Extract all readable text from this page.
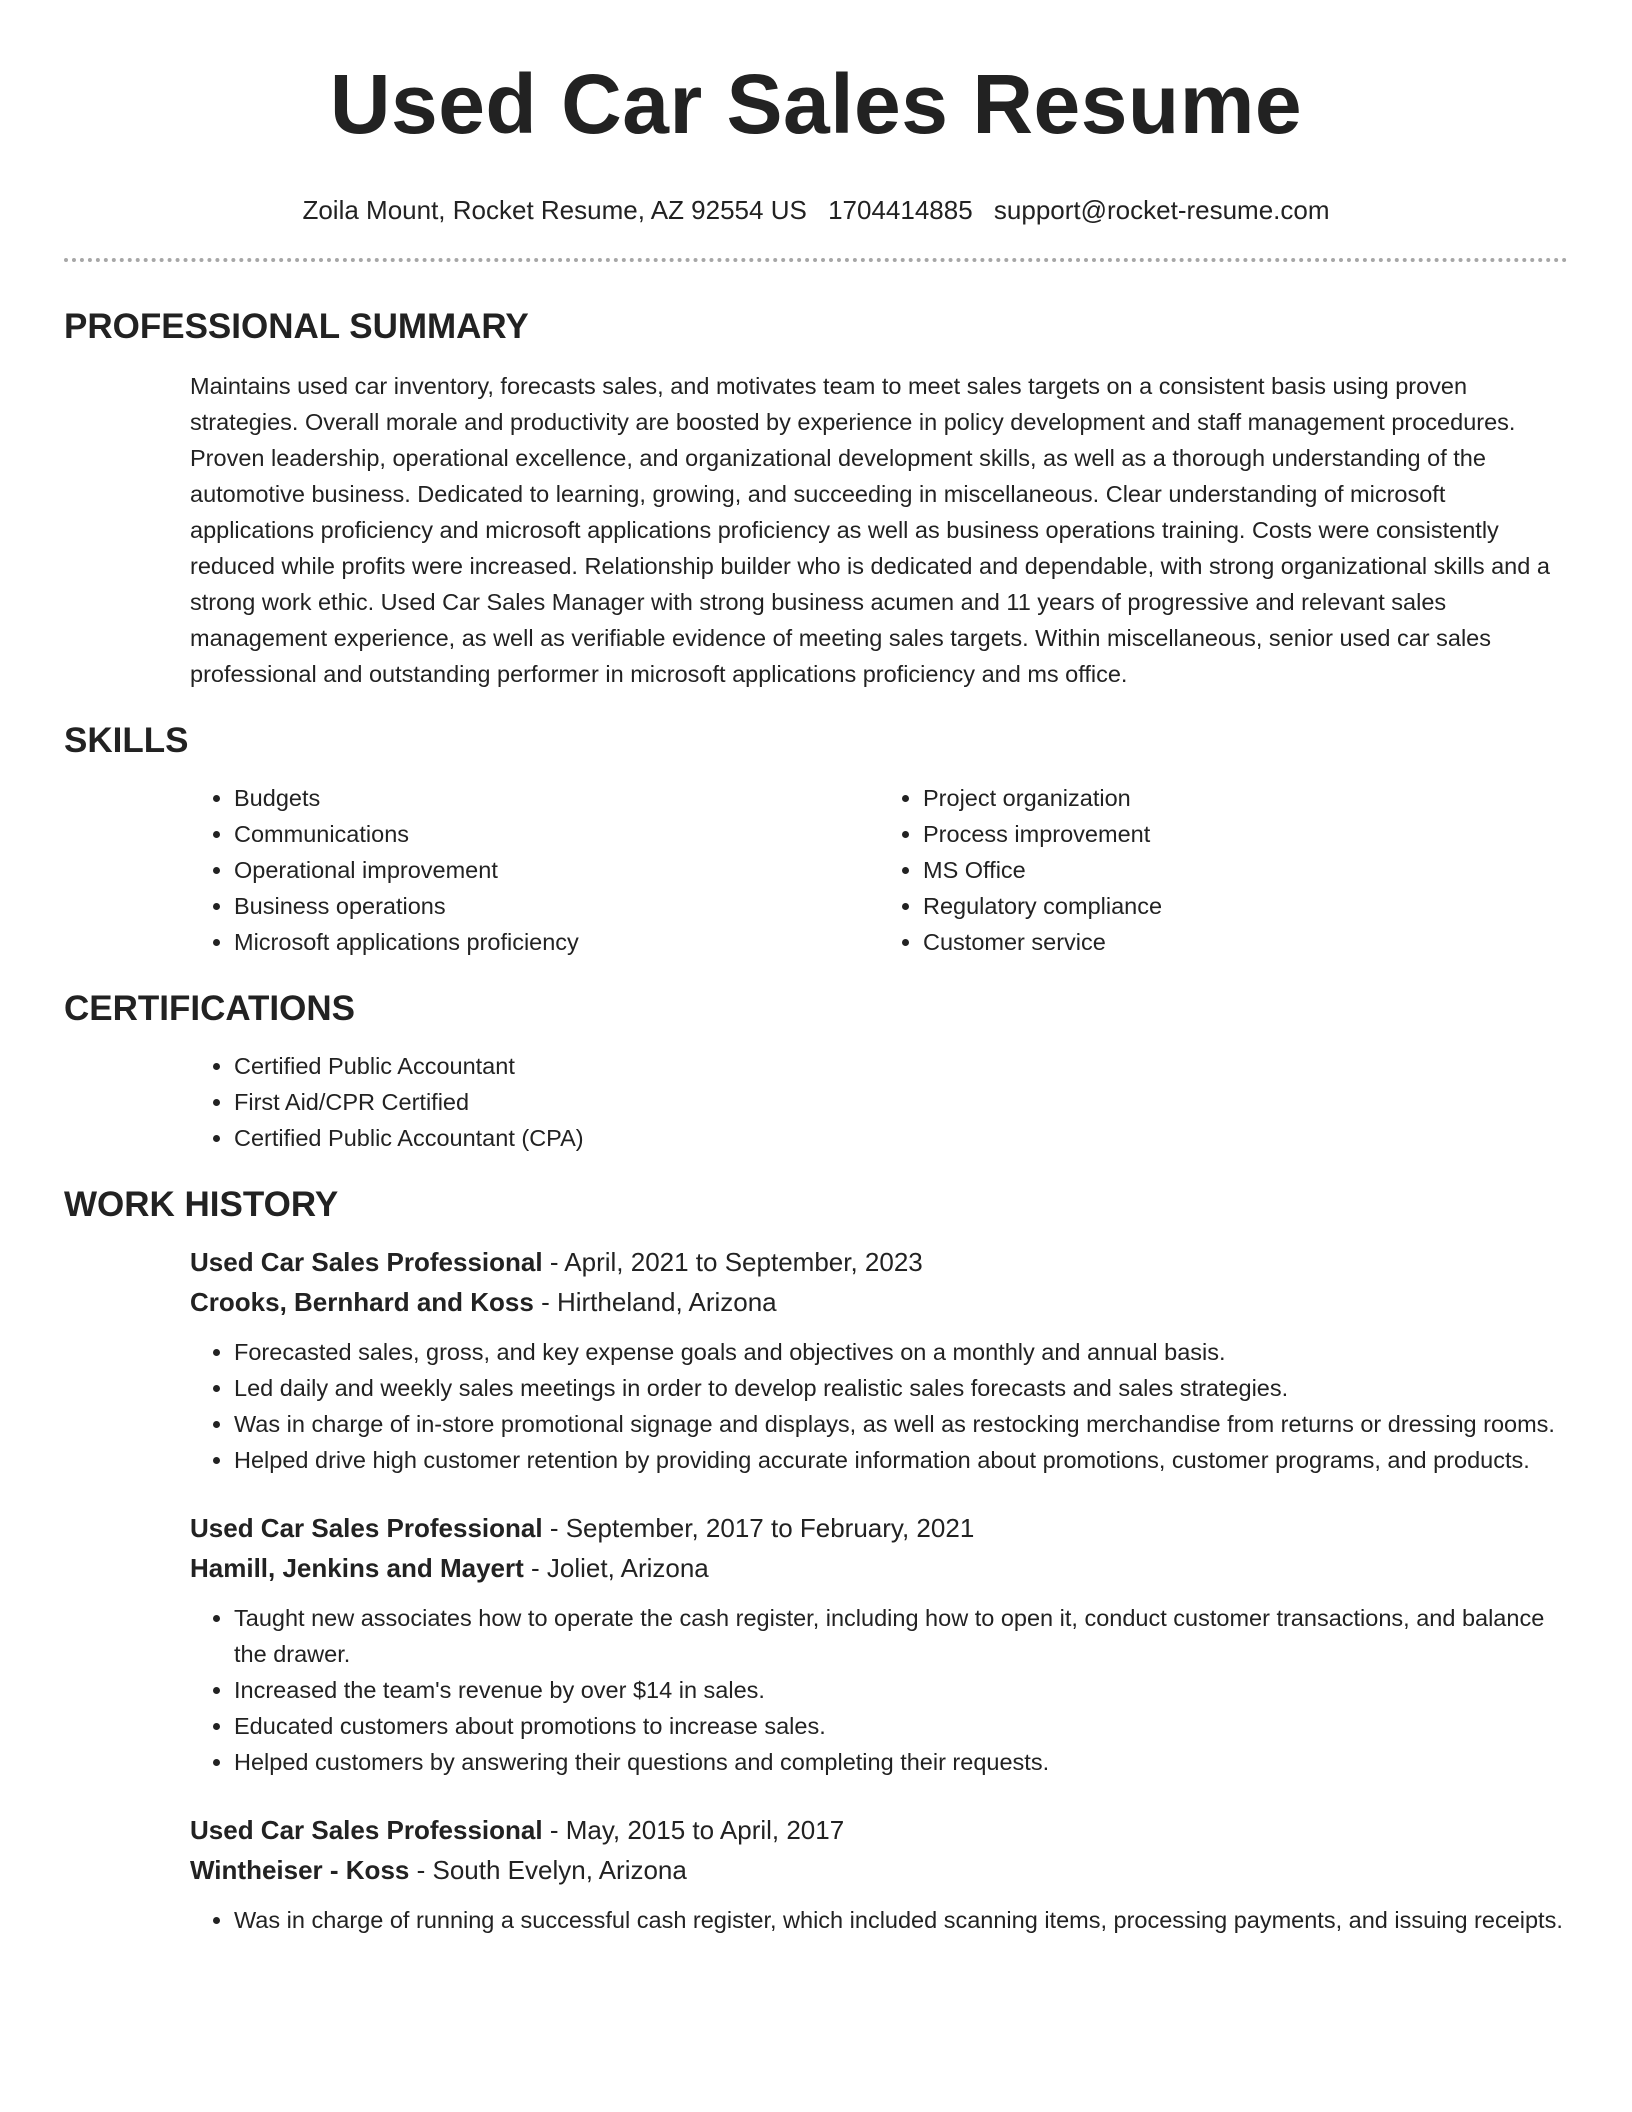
Used Car Sales Resume
Zoila Mount, Rocket Resume, AZ 92554 US 1704414885 support@rocket-resume.com
PROFESSIONAL SUMMARY

Maintains used car inventory, forecasts sales, and motivates team to meet sales targets on a consistent basis using proven strategies. Overall morale and productivity are boosted by experience in policy development and staff management procedures. Proven leadership, operational excellence, and organizational development skills, as well as a thorough understanding of the automotive business. Dedicated to learning, growing, and succeeding in miscellaneous. Clear understanding of microsoft applications proficiency and microsoft applications proficiency as well as business operations training. Costs were consistently reduced while profits were increased. Relationship builder who is dedicated and dependable, with strong organizational skills and a strong work ethic. Used Car Sales Manager with strong business acumen and 11 years of progressive and relevant sales management experience, as well as verifiable evidence of meeting sales targets. Within miscellaneous, senior used car sales professional and outstanding performer in microsoft applications proficiency and ms office.

SKILLS
• Budgets
• Communications
• Operational improvement
• Business operations
• Microsoft applications proficiency
• Project organization
• Process improvement
• MS Office
• Regulatory compliance
• Customer service
CERTIFICATIONS
• Certified Public Accountant
• First Aid/CPR Certified
• Certified Public Accountant (CPA)
WORK HISTORY
Used Car Sales Professional - April, 2021 to September, 2023
Crooks, Bernhard and Koss - Hirtheland, Arizona
• Forecasted sales, gross, and key expense goals and objectives on a monthly and annual basis.
• Led daily and weekly sales meetings in order to develop realistic sales forecasts and sales strategies.
• Was in charge of in-store promotional signage and displays, as well as restocking merchandise from returns or dressing rooms.
• Helped drive high customer retention by providing accurate information about promotions, customer programs, and products.
Used Car Sales Professional - September, 2017 to February, 2021
Hamill, Jenkins and Mayert - Joliet, Arizona
• Taught new associates how to operate the cash register, including how to open it, conduct customer transactions, and balance the drawer.
• Increased the team's revenue by over $14 in sales.
• Educated customers about promotions to increase sales.
• Helped customers by answering their questions and completing their requests.
Used Car Sales Professional - May, 2015 to April, 2017
Wintheiser - Koss - South Evelyn, Arizona
• Was in charge of running a successful cash register, which included scanning items, processing payments, and issuing receipts.
